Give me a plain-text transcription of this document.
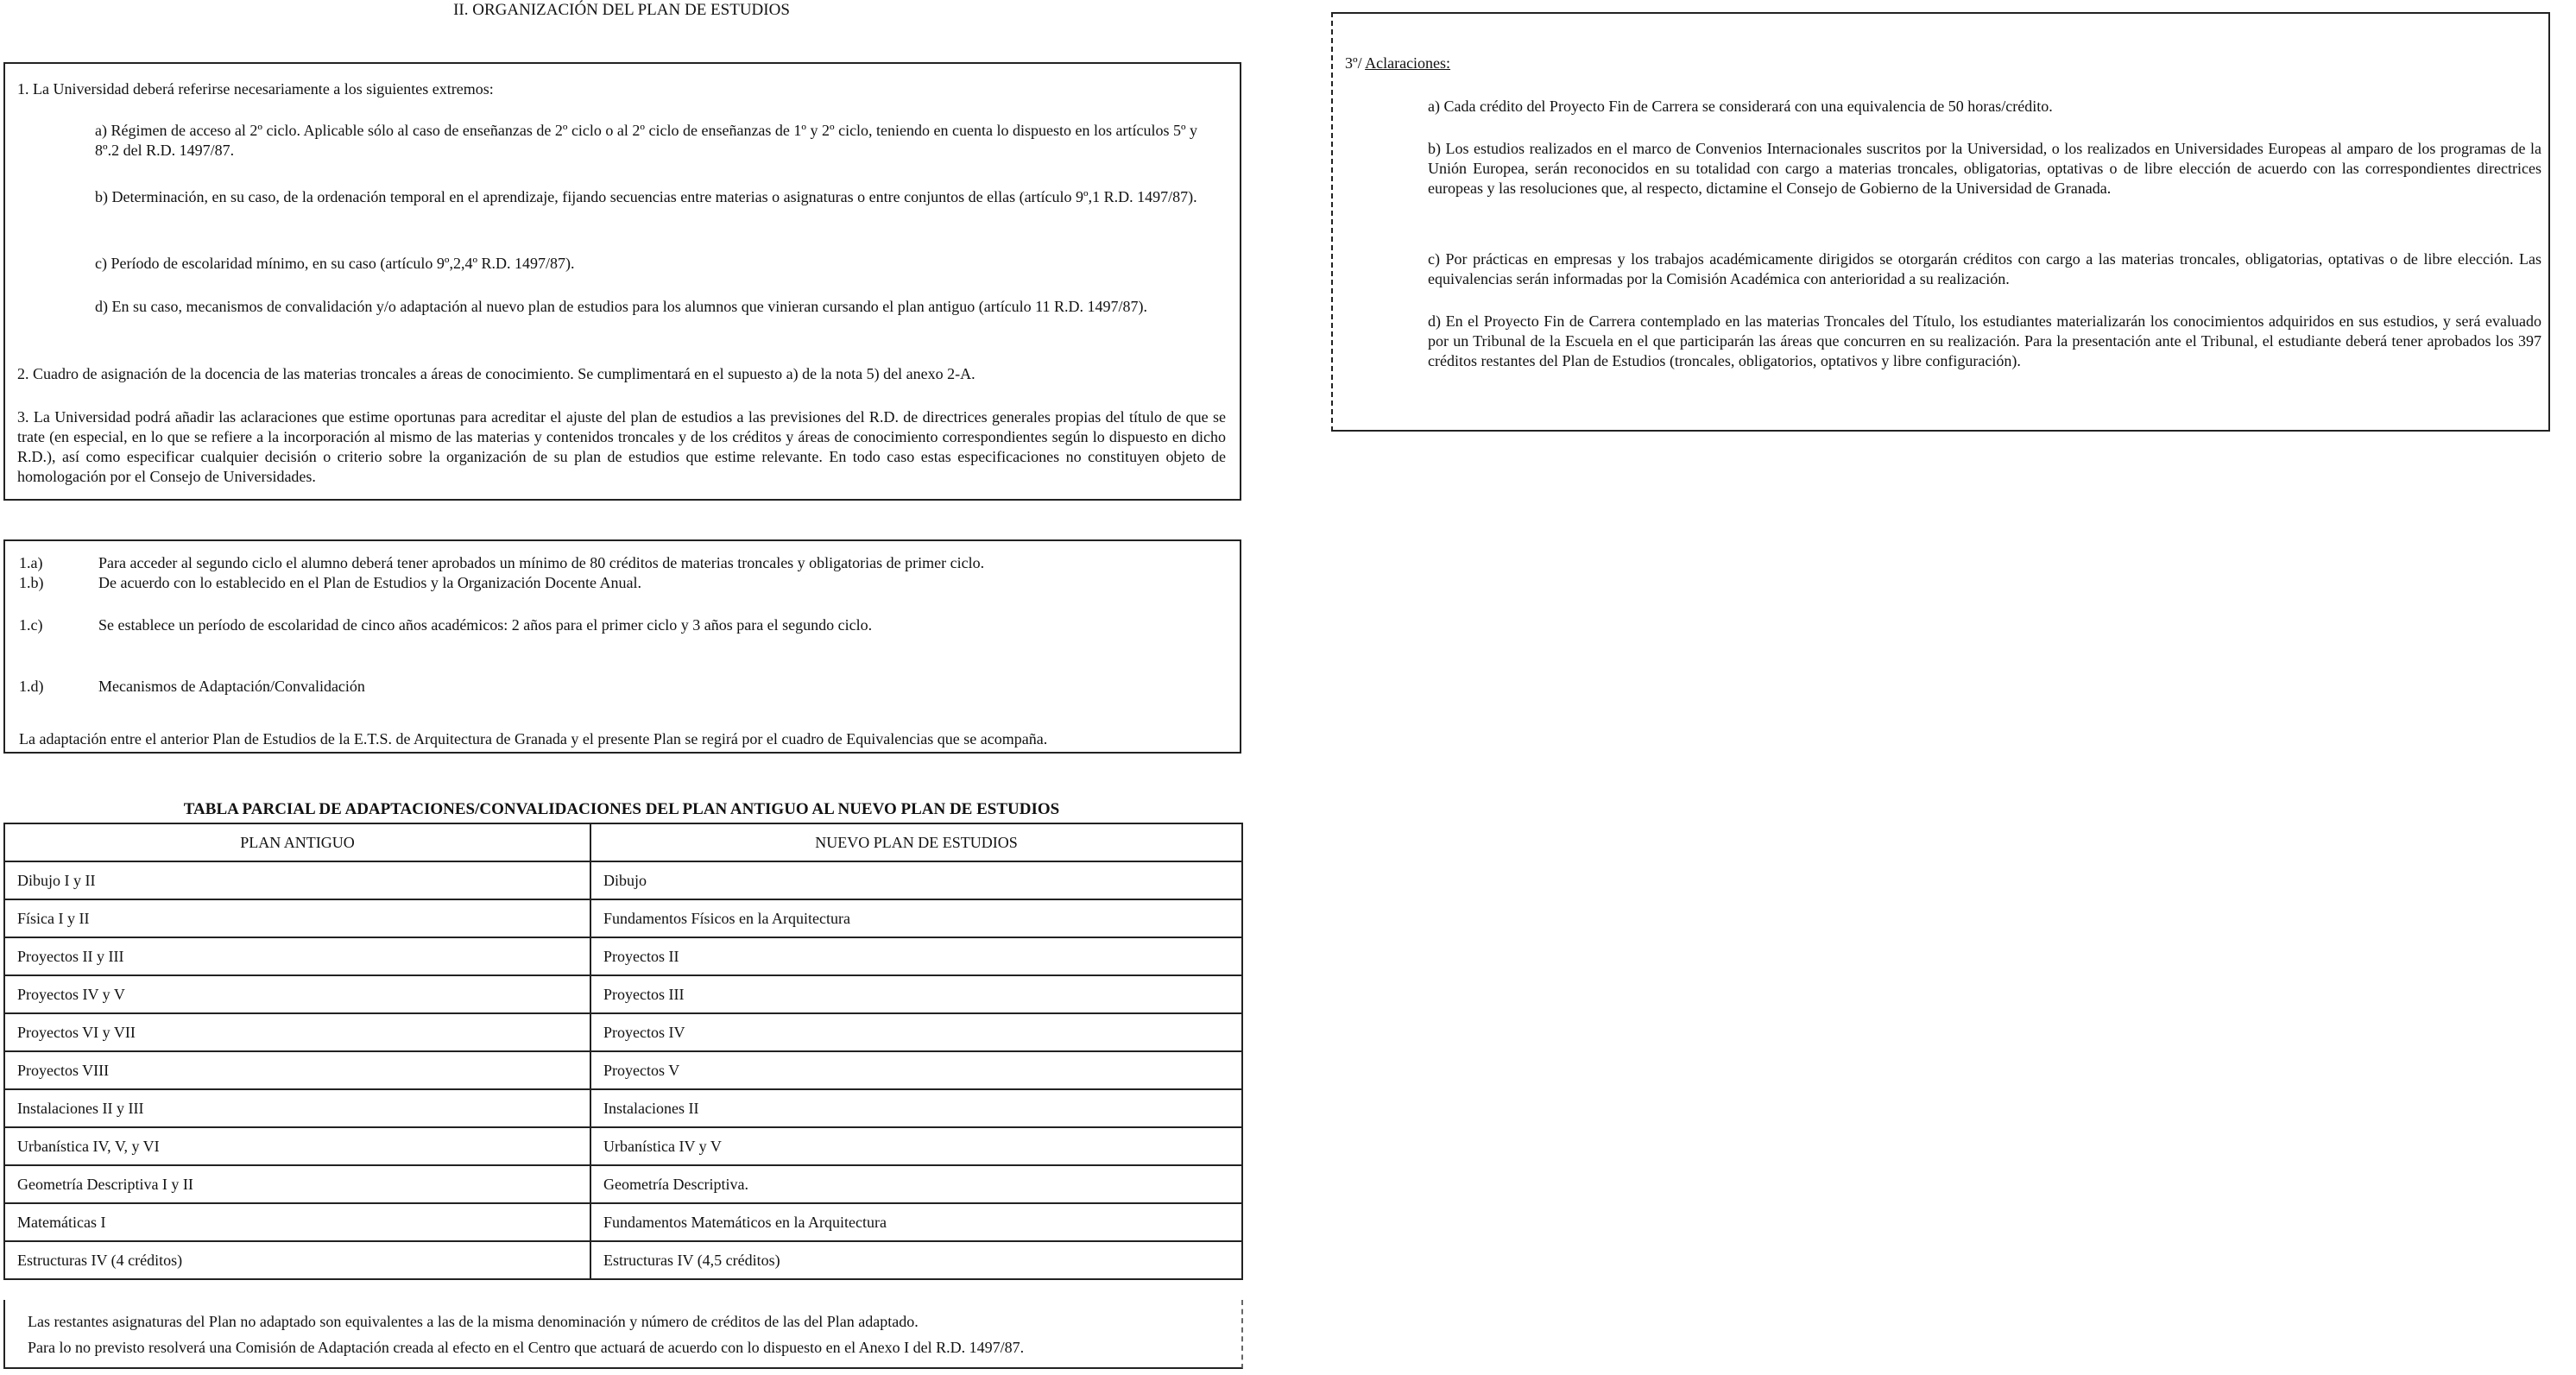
II. ORGANIZACIÓN DEL PLAN DE ESTUDIOS

1. La Universidad deberá referirse necesariamente a los siguientes extremos:

a) Régimen de acceso al 2º ciclo. Aplicable sólo al caso de enseñanzas de 2º ciclo o al 2º ciclo de enseñanzas de 1º y 2º ciclo, teniendo en cuenta lo dispuesto en los artículos 5º y 8º.2 del R.D. 1497/87.

b) Determinación, en su caso, de la ordenación temporal en el aprendizaje, fijando secuencias entre materias o asignaturas o entre conjuntos de ellas (artículo 9º,1 R.D. 1497/87).

c) Período de escolaridad mínimo, en su caso (artículo 9º,2,4º R.D. 1497/87).

d) En su caso, mecanismos de convalidación y/o adaptación al nuevo plan de estudios para los alumnos que vinieran cursando el plan antiguo (artículo 11 R.D. 1497/87).

2. Cuadro de asignación de la docencia de las materias troncales a áreas de conocimiento. Se cumplimentará en el supuesto a) de la nota 5) del anexo 2-A.

3. La Universidad podrá añadir las aclaraciones que estime oportunas para acreditar el ajuste del plan de estudios a las previsiones del R.D. de directrices generales propias del título de que se trate (en especial, en lo que se refiere a la incorporación al mismo de las materias y contenidos troncales y de los créditos y áreas de conocimiento correspondientes según lo dispuesto en dicho R.D.), así como especificar cualquier decisión o criterio sobre la organización de su plan de estudios que estime relevante. En todo caso estas especificaciones no constituyen objeto de homologación por el Consejo de Universidades.

1.a)	Para acceder al segundo ciclo el alumno deberá tener aprobados un mínimo de 80 créditos de materias troncales y obligatorias de primer ciclo.
1.b)	De acuerdo con lo establecido en el Plan de Estudios y la Organización Docente Anual.
1.c)	Se establece un período de escolaridad de cinco años académicos: 2 años para el primer ciclo y 3 años para el segundo ciclo.
1.d)	Mecanismos de Adaptación/Convalidación
La adaptación entre el anterior Plan de Estudios de la E.T.S. de Arquitectura de Granada y el presente Plan se regirá por el cuadro de Equivalencias que se acompaña.
TABLA PARCIAL DE ADAPTACIONES/CONVALIDACIONES DEL PLAN ANTIGUO AL NUEVO PLAN DE ESTUDIOS
PLAN ANTIGUO	NUEVO PLAN DE ESTUDIOS
Dibujo I y II	Dibujo
Física I y II	Fundamentos Físicos en la Arquitectura
Proyectos II y III	Proyectos II
Proyectos IV y V	Proyectos III
Proyectos VI y VII	Proyectos IV
Proyectos VIII	Proyectos V
Instalaciones II y III	Instalaciones II
Urbanística IV, V, y VI	Urbanística IV y V
Geometría Descriptiva I y II	Geometría Descriptiva.
Matemáticas I	Fundamentos Matemáticos en la Arquitectura
Estructuras IV (4 créditos)	Estructuras IV (4,5 créditos)

Las restantes asignaturas del Plan no adaptado son equivalentes a las de la misma denominación y número de créditos de las del Plan adaptado.

Para lo no previsto resolverá una Comisión de Adaptación creada al efecto en el Centro que actuará de acuerdo con lo dispuesto en el Anexo I del R.D. 1497/87.

3º/ Aclaraciones:

a) Cada crédito del Proyecto Fin de Carrera se considerará con una equivalencia de 50 horas/crédito.

b) Los estudios realizados en el marco de Convenios Internacionales suscritos por la Universidad, o los realizados en Universidades Europeas al amparo de los programas de la Unión Europea, serán reconocidos en su totalidad con cargo a materias troncales, obligatorias, optativas o de libre elección de acuerdo con las correspondientes directrices europeas y las resoluciones que, al respecto, dictamine el Consejo de Gobierno de la Universidad de Granada.

c) Por prácticas en empresas y los trabajos académicamente dirigidos se otorgarán créditos con cargo a las materias troncales, obligatorias, optativas o de libre elección. Las equivalencias serán informadas por la Comisión Académica con anterioridad a su realización.

d) En el Proyecto Fin de Carrera contemplado en las materias Troncales del Título, los estudiantes materializarán los conocimientos adquiridos en sus estudios, y será evaluado por un Tribunal de la Escuela en el que participarán las áreas que concurren en su realización. Para la presentación ante el Tribunal, el estudiante deberá tener aprobados los 397 créditos restantes del Plan de Estudios (troncales, obligatorios, optativos y libre configuración).
